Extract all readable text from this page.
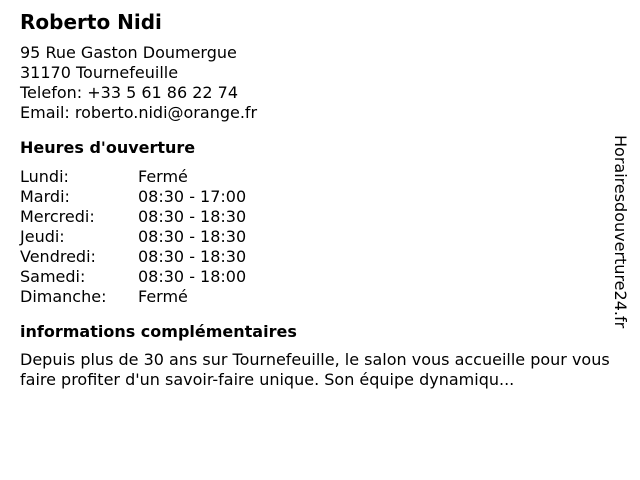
Roberto Nidi
95 Rue Gaston Doumergue
31170 Tournefeuille
Telefon: +33 5 61 86 22 74
Email: roberto.nidi@orange.fr
Heures d'ouverture
Lundi:	Fermé
Mardi:	08:30 - 17:00
Mercredi:	08:30 - 18:30
Jeudi:	08:30 - 18:30
Vendredi:	08:30 - 18:30
Samedi:	08:30 - 18:00
Dimanche:	Fermé
informations complémentaires

Depuis plus de 30 ans sur Tournefeuille, le salon vous accueille pour vous faire profiter d'un savoir-faire unique. Son équipe dynamiqu...

Horairesdouverture24.fr
